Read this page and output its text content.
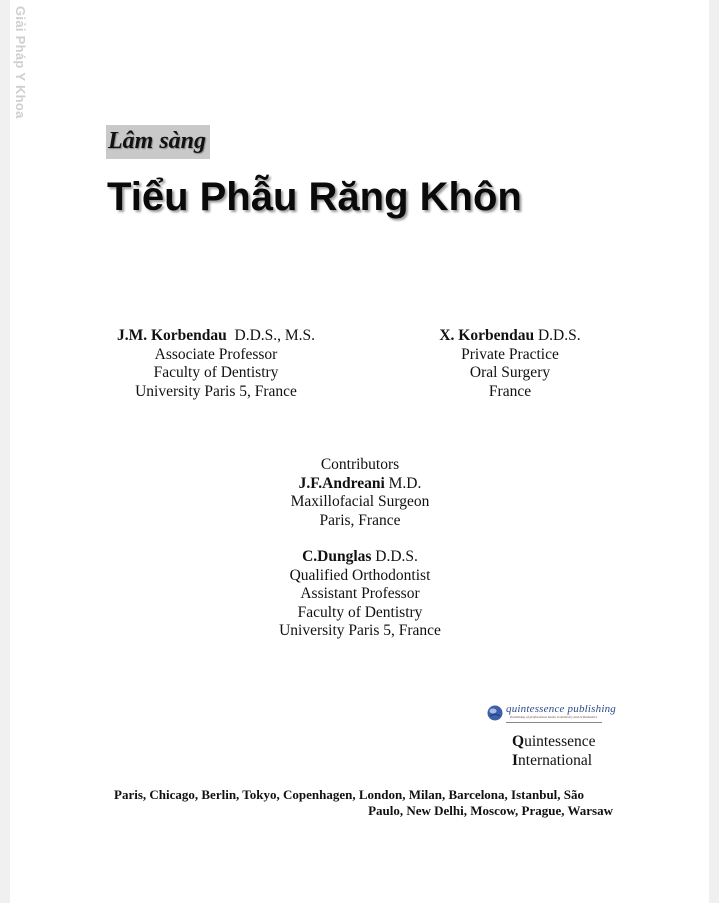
Giải Pháp Y Khoa
Lâm sàng
Tiểu Phẫu Răng Khôn
J.M. Korbendau D.D.S., M.S.
Associate Professor
Faculty of Dentistry
University Paris 5, France
X. Korbendau D.D.S.
Private Practice
Oral Surgery
France
Contributors
J.F.Andreani M.D.
Maxillofacial Surgeon
Paris, France
C.Dunglas D.D.S.
Qualified Orthodontist
Assistant Professor
Faculty of Dentistry
University Paris 5, France
quintessence publishing
Publishing of professional books in dentistry and orthodontics
Quintessence
International
Paris, Chicago, Berlin, Tokyo, Copenhagen, London, Milan, Barcelona, Istanbul, São
Paulo, New Delhi, Moscow, Prague, Warsaw
